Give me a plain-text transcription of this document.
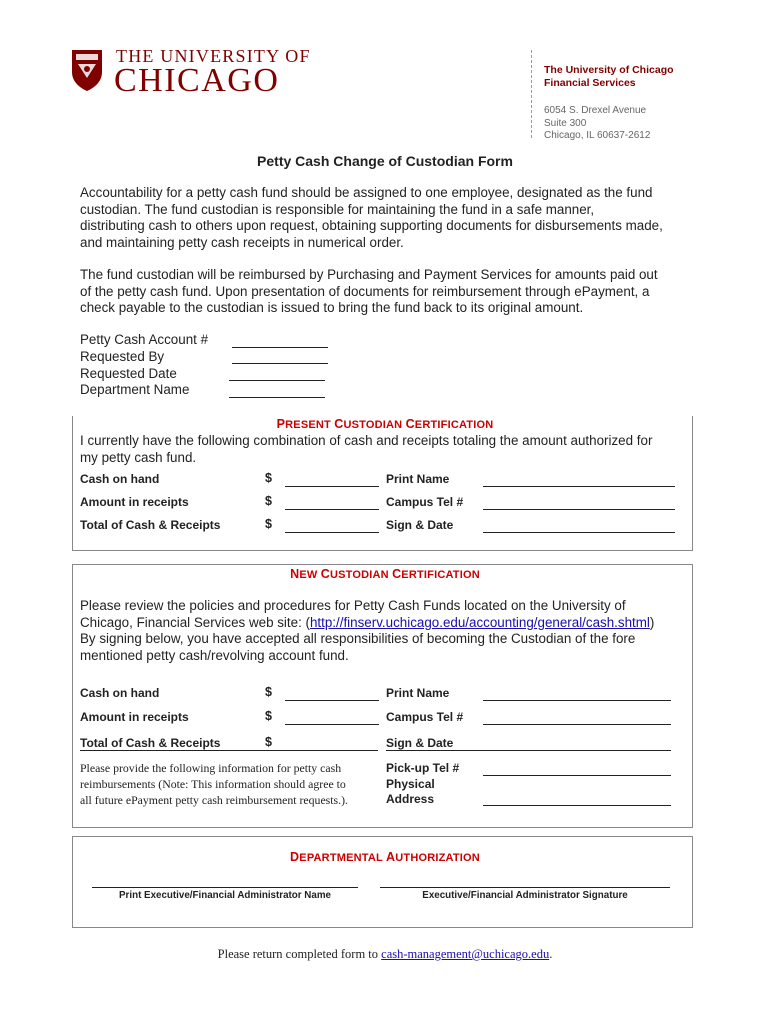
THE UNIVERSITY OF
CHICAGO	The University of Chicago
Financial Services
6054 S. Drexel Avenue
Suite 300
Chicago, IL 60637-2612
Petty Cash Change of Custodian Form
Accountability for a petty cash fund should be assigned to one employee, designated as the fund
custodian. The fund custodian is responsible for maintaining the fund in a safe manner,
distributing cash to others upon request, obtaining supporting documents for disbursements made,
and maintaining petty cash receipts in numerical order.
The fund custodian will be reimbursed by Purchasing and Payment Services for amounts paid out
of the petty cash fund. Upon presentation of documents for reimbursement through ePayment, a
check payable to the custodian is issued to bring the fund back to its original amount.
Petty Cash Account #
Requested By
Requested Date
Department Name
PRESENT CUSTODIAN CERTIFICATION
I currently have the following combination of cash and receipts totaling the amount authorized for
my petty cash fund.
Cash on hand	$	Print Name
Amount in receipts	$	Campus Tel #
Total of Cash & Receipts	$	Sign & Date
NEW CUSTODIAN CERTIFICATION
Please review the policies and procedures for Petty Cash Funds located on the University of
Chicago, Financial Services web site: (http://finserv.uchicago.edu/accounting/general/cash.shtml)
By signing below, you have accepted all responsibilities of becoming the Custodian of the fore
mentioned petty cash/revolving account fund.
Cash on hand	$	Print Name
Amount in receipts	$	Campus Tel #
Total of Cash & Receipts	$	Sign & Date
Please provide the following information for petty cash
reimbursements (Note: This information should agree to
all future ePayment petty cash reimbursement requests.).
Pick-up Tel #
Physical
Address
DEPARTMENTAL AUTHORIZATION
Print Executive/Financial Administrator Name	Executive/Financial Administrator Signature
Please return completed form to cash-management@uchicago.edu.
